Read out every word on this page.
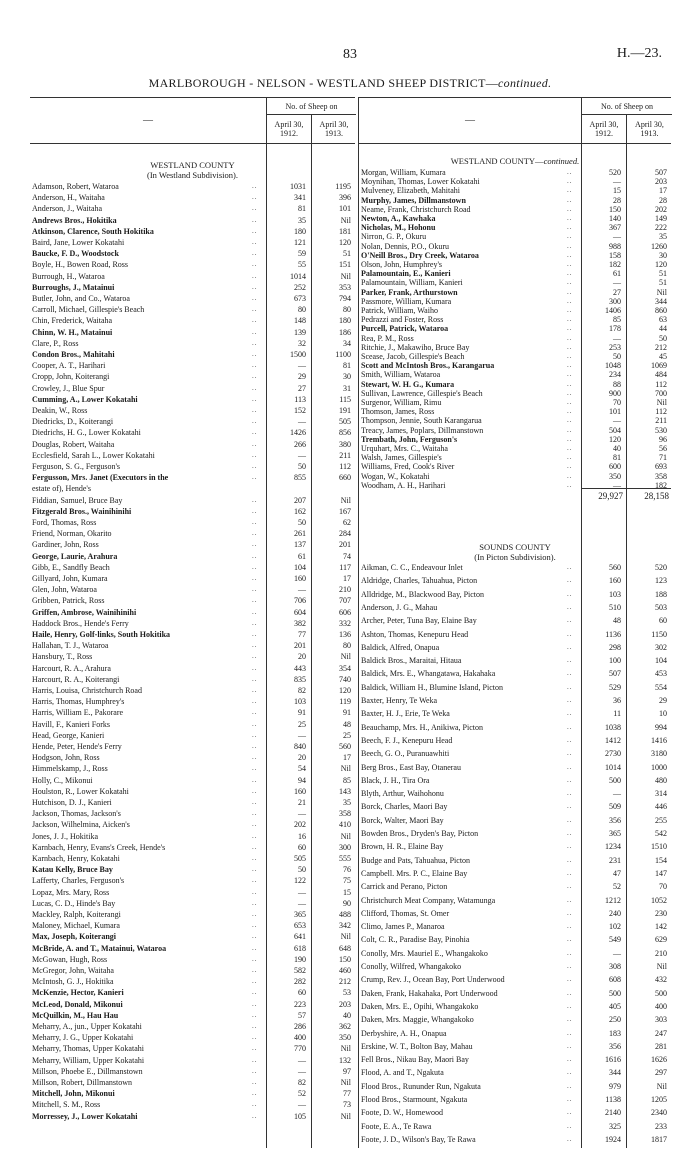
83	H.—23.
MARLBOROUGH - NELSON - WESTLAND SHEEP DISTRICT—continued.
—
No. of Sheep on
April 30, 1912.
April 30, 1913.
WESTLAND COUNTY
(In Westland Subdivision).
Adamson, Robert, Wataroa	..	1031	1195
Anderson, H., Waitaha	..	341	396
Anderson, J., Waitaha	..	81	101
Andrews Bros., Hokitika	..	35	Nil
Atkinson, Clarence, South Hokitika	..	180	181
Baird, Jane, Lower Kokatahi	..	121	120
Baucke, F. D., Woodstock	..	59	51
Boyle, H., Bowen Road, Ross	..	55	151
Burrough, H., Wataroa	..	1014	Nil
Burroughs, J., Matainui	..	252	353
Butler, John, and Co., Wataroa	..	673	794
Carroll, Michael, Gillespie's Beach	..	80	80
Chin, Frederick, Waitaha	..	148	180
Chinn, W. H., Matainui	..	139	186
Clare, P., Ross	..	32	34
Condon Bros., Mahitahi	..	1500	1100
Cooper, A. T., Harihari	..	—	81
Cropp, John, Koiterangi	..	29	30
Crowley, J., Blue Spur	..	27	31
Cumming, A., Lower Kokatahi	..	113	115
Deakin, W., Ross	..	152	191
Diedricks, D., Koiterangi	..	—	505
Diedrichs, H. G., Lower Kokatahi	..	1426	856
Douglas, Robert, Waitaha	..	266	380
Ecclesfield, Sarah L., Lower Kokatahi	..	—	211
Ferguson, S. G., Ferguson's	..	50	112
Fergusson, Mrs. Janet (Executors in the	..	855	660
estate of), Hende's
Fiddian, Samuel, Bruce Bay	..	207	Nil
Fitzgerald Bros., Wainihinihi	..	162	167
Ford, Thomas, Ross	..	50	62
Friend, Norman, Okarito	..	261	284
Gardiner, John, Ross	..	137	201
George, Laurie, Arahura	..	61	74
Gibb, E., Sandfly Beach	..	104	117
Gillyard, John, Kumara	..	160	17
Glen, John, Wataroa	..	—	210
Gribben, Patrick, Ross	..	706	707
Griffen, Ambrose, Wainihinihi	..	604	606
Haddock Bros., Hende's Ferry	..	382	332
Haile, Henry, Golf-links, South Hokitika	..	77	136
Hallahan, T. J., Wataroa	..	201	80
Hansbury, T., Ross	..	20	Nil
Harcourt, R. A., Arahura	..	443	354
Harcourt, R. A., Koiterangi	..	835	740
Harris, Louisa, Christchurch Road	..	82	120
Harris, Thomas, Humphrey's	..	103	119
Harris, William E., Pakorare	..	91	91
Havill, F., Kanieri Forks	..	25	48
Head, George, Kanieri	..	—	25
Hende, Peter, Hende's Ferry	..	840	560
Hodgson, John, Ross	..	20	17
Himmelskamp, J., Ross	..	54	Nil
Holly, C., Mikonui	..	94	85
Houlston, R., Lower Kokatahi	..	160	143
Hutchison, D. J., Kanieri	..	21	35
Jackson, Thomas, Jackson's	..	—	358
Jackson, Wilhelmina, Aicken's	..	202	410
Jones, J. J., Hokitika	..	16	Nil
Karnbach, Henry, Evans's Creek, Hende's	..	60	300
Karnbach, Henry, Kokatahi	..	505	555
Katau Kelly, Bruce Bay	..	50	76
Lafferty, Charles, Ferguson's	..	122	75
Lopaz, Mrs. Mary, Ross	..	—	15
Lucas, C. D., Hinde's Bay	..	—	90
Mackley, Ralph, Koiterangi	..	365	488
Maloney, Michael, Kumara	..	653	342
Max, Joseph, Koiterangi	..	641	Nil
McBride, A. and T., Matainui, Wataroa	..	618	648
McGowan, Hugh, Ross	..	190	150
McGregor, John, Waitaha	..	582	460
McIntosh, G. J., Hokitika	..	282	212
McKenzie, Hector, Kanieri	..	60	53
McLeod, Donald, Mikonui	..	223	203
McQuilkin, M., Hau Hau	..	57	40
Meharry, A., jun., Upper Kokatahi	..	286	362
Meharry, J. G., Upper Kokatahi	..	400	350
Meharry, Thomas, Upper Kokatahi	..	770	Nil
Meharry, William, Upper Kokatahi	..	—	132
Millson, Phoebe E., Dillmanstown	..	—	97
Millson, Robert, Dillmanstown	..	82	Nil
Mitchell, John, Mikonui	..	52	77
Mitchell, S. M., Ross	..	—	73
Morressey, J., Lower Kokatahi	..	105	Nil
—
No. of Sheep on
April 30, 1912.
April 30, 1913.
WESTLAND COUNTY—continued.
Morgan, William, Kumara	..	520	507
Moynihan, Thomas, Lower Kokatahi	..	—	203
Mulveney, Elizabeth, Mahitahi	..	15	17
Murphy, James, Dillmanstown	..	28	28
Neame, Frank, Christchurch Road	..	150	202
Newton, A., Kawhaka	..	140	149
Nicholas, M., Hohonu	..	367	222
Nirron, G. P., Okuru	..	—	35
Nolan, Dennis, P.O., Okuru	..	988	1260
O'Neill Bros., Dry Creek, Wataroa	..	158	30
Olson, John, Humphrey's	..	182	120
Palamountain, E., Kanieri	..	61	51
Palamountain, William, Kanieri	..	—	51
Parker, Frank, Arthurstown	..	27	Nil
Passmore, William, Kumara	..	300	344
Patrick, William, Waiho	..	1406	860
Pedrazzi and Foster, Ross	..	85	63
Purcell, Patrick, Wataroa	..	178	44
Rea, P. M., Ross	..	—	50
Ritchie, J., Makawiho, Bruce Bay	..	253	212
Scease, Jacob, Gillespie's Beach	..	50	45
Scott and McIntosh Bros., Karangarua	..	1048	1069
Smith, William, Wataroa	..	234	484
Stewart, W. H. G., Kumara	..	88	112
Sullivan, Lawrence, Gillespie's Beach	..	900	700
Surgenor, William, Rimu	..	70	Nil
Thomson, James, Ross	..	101	112
Thompson, Jennie, South Karangarua	..	—	211
Treacy, James, Poplars, Dillmanstown	..	504	530
Trembath, John, Ferguson's	..	120	96
Urquhart, Mrs. C., Waitaha	..	40	56
Walsh, James, Gillespie's	..	81	71
Williams, Fred, Cook's River	..	600	693
Wogan, W., Kokatahi	..	350	358
Woodham, A. H., Harihari	..	—	182
29,927	28,158
SOUNDS COUNTY
(In Picton Subdivision).
Aikman, C. C., Endeavour Inlet	..	560	520
Aldridge, Charles, Tahuahua, Picton	..	160	123
Alldridge, M., Blackwood Bay, Picton	..	103	188
Anderson, J. G., Mahau	..	510	503
Archer, Peter, Tuna Bay, Elaine Bay	..	48	60
Ashton, Thomas, Kenepuru Head	..	1136	1150
Baldick, Alfred, Onapua	..	298	302
Baldick Bros., Maraitai, Hitaua	..	100	104
Baldick, Mrs. E., Whangatawa, Hakahaka	..	507	453
Baldick, William H., Blumine Island, Picton	..	529	554
Baxter, Henry, Te Weka	..	36	29
Baxter, H. J., Erie, Te Weka	..	11	10
Beauchamp, Mrs. H., Anikiwa, Picton	..	1038	994
Beech, F. J., Kenepuru Head	..	1412	1416
Beech, G. O., Puranuawhiti	..	2730	3180
Berg Bros., East Bay, Otanerau	..	1014	1000
Black, J. H., Tira Ora	..	500	480
Blyth, Arthur, Waihohonu	..	—	314
Borck, Charles, Maori Bay	..	509	446
Borck, Walter, Maori Bay	..	356	255
Bowden Bros., Dryden's Bay, Picton	..	365	542
Brown, H. R., Elaine Bay	..	1234	1510
Budge and Pats, Tahuahua, Picton	..	231	154
Campbell. Mrs. P. C., Elaine Bay	..	47	147
Carrick and Perano, Picton	..	52	70
Christchurch Meat Company, Watamunga	..	1212	1052
Clifford, Thomas, St. Omer	..	240	230
Climo, James P., Manaroa	..	102	142
Colt, C. R., Paradise Bay, Pinohia	..	549	629
Conolly, Mrs. Mauriel E., Whangakoko	..	—	210
Conolly, Wilfred, Whangakoko	..	308	Nil
Crump, Rev. J., Ocean Bay, Port Underwood	..	608	432
Daken, Frank, Hakahaka, Port Underwood	..	500	500
Daken, Mrs. E., Opihi, Whangakoko	..	405	400
Daken, Mrs. Maggie, Whangakoko	..	250	303
Derbyshire, A. H., Onapua	..	183	247
Erskine, W. T., Bolton Bay, Mahau	..	356	281
Fell Bros., Nikau Bay, Maori Bay	..	1616	1626
Flood, A. and T., Ngakuta	..	344	297
Flood Bros., Rununder Run, Ngakuta	..	979	Nil
Flood Bros., Starmount, Ngakuta	..	1138	1205
Foote, D. W., Homewood	..	2140	2340
Foote, E. A., Te Rawa	..	325	233
Foote, J. D., Wilson's Bay, Te Rawa	..	1924	1817
